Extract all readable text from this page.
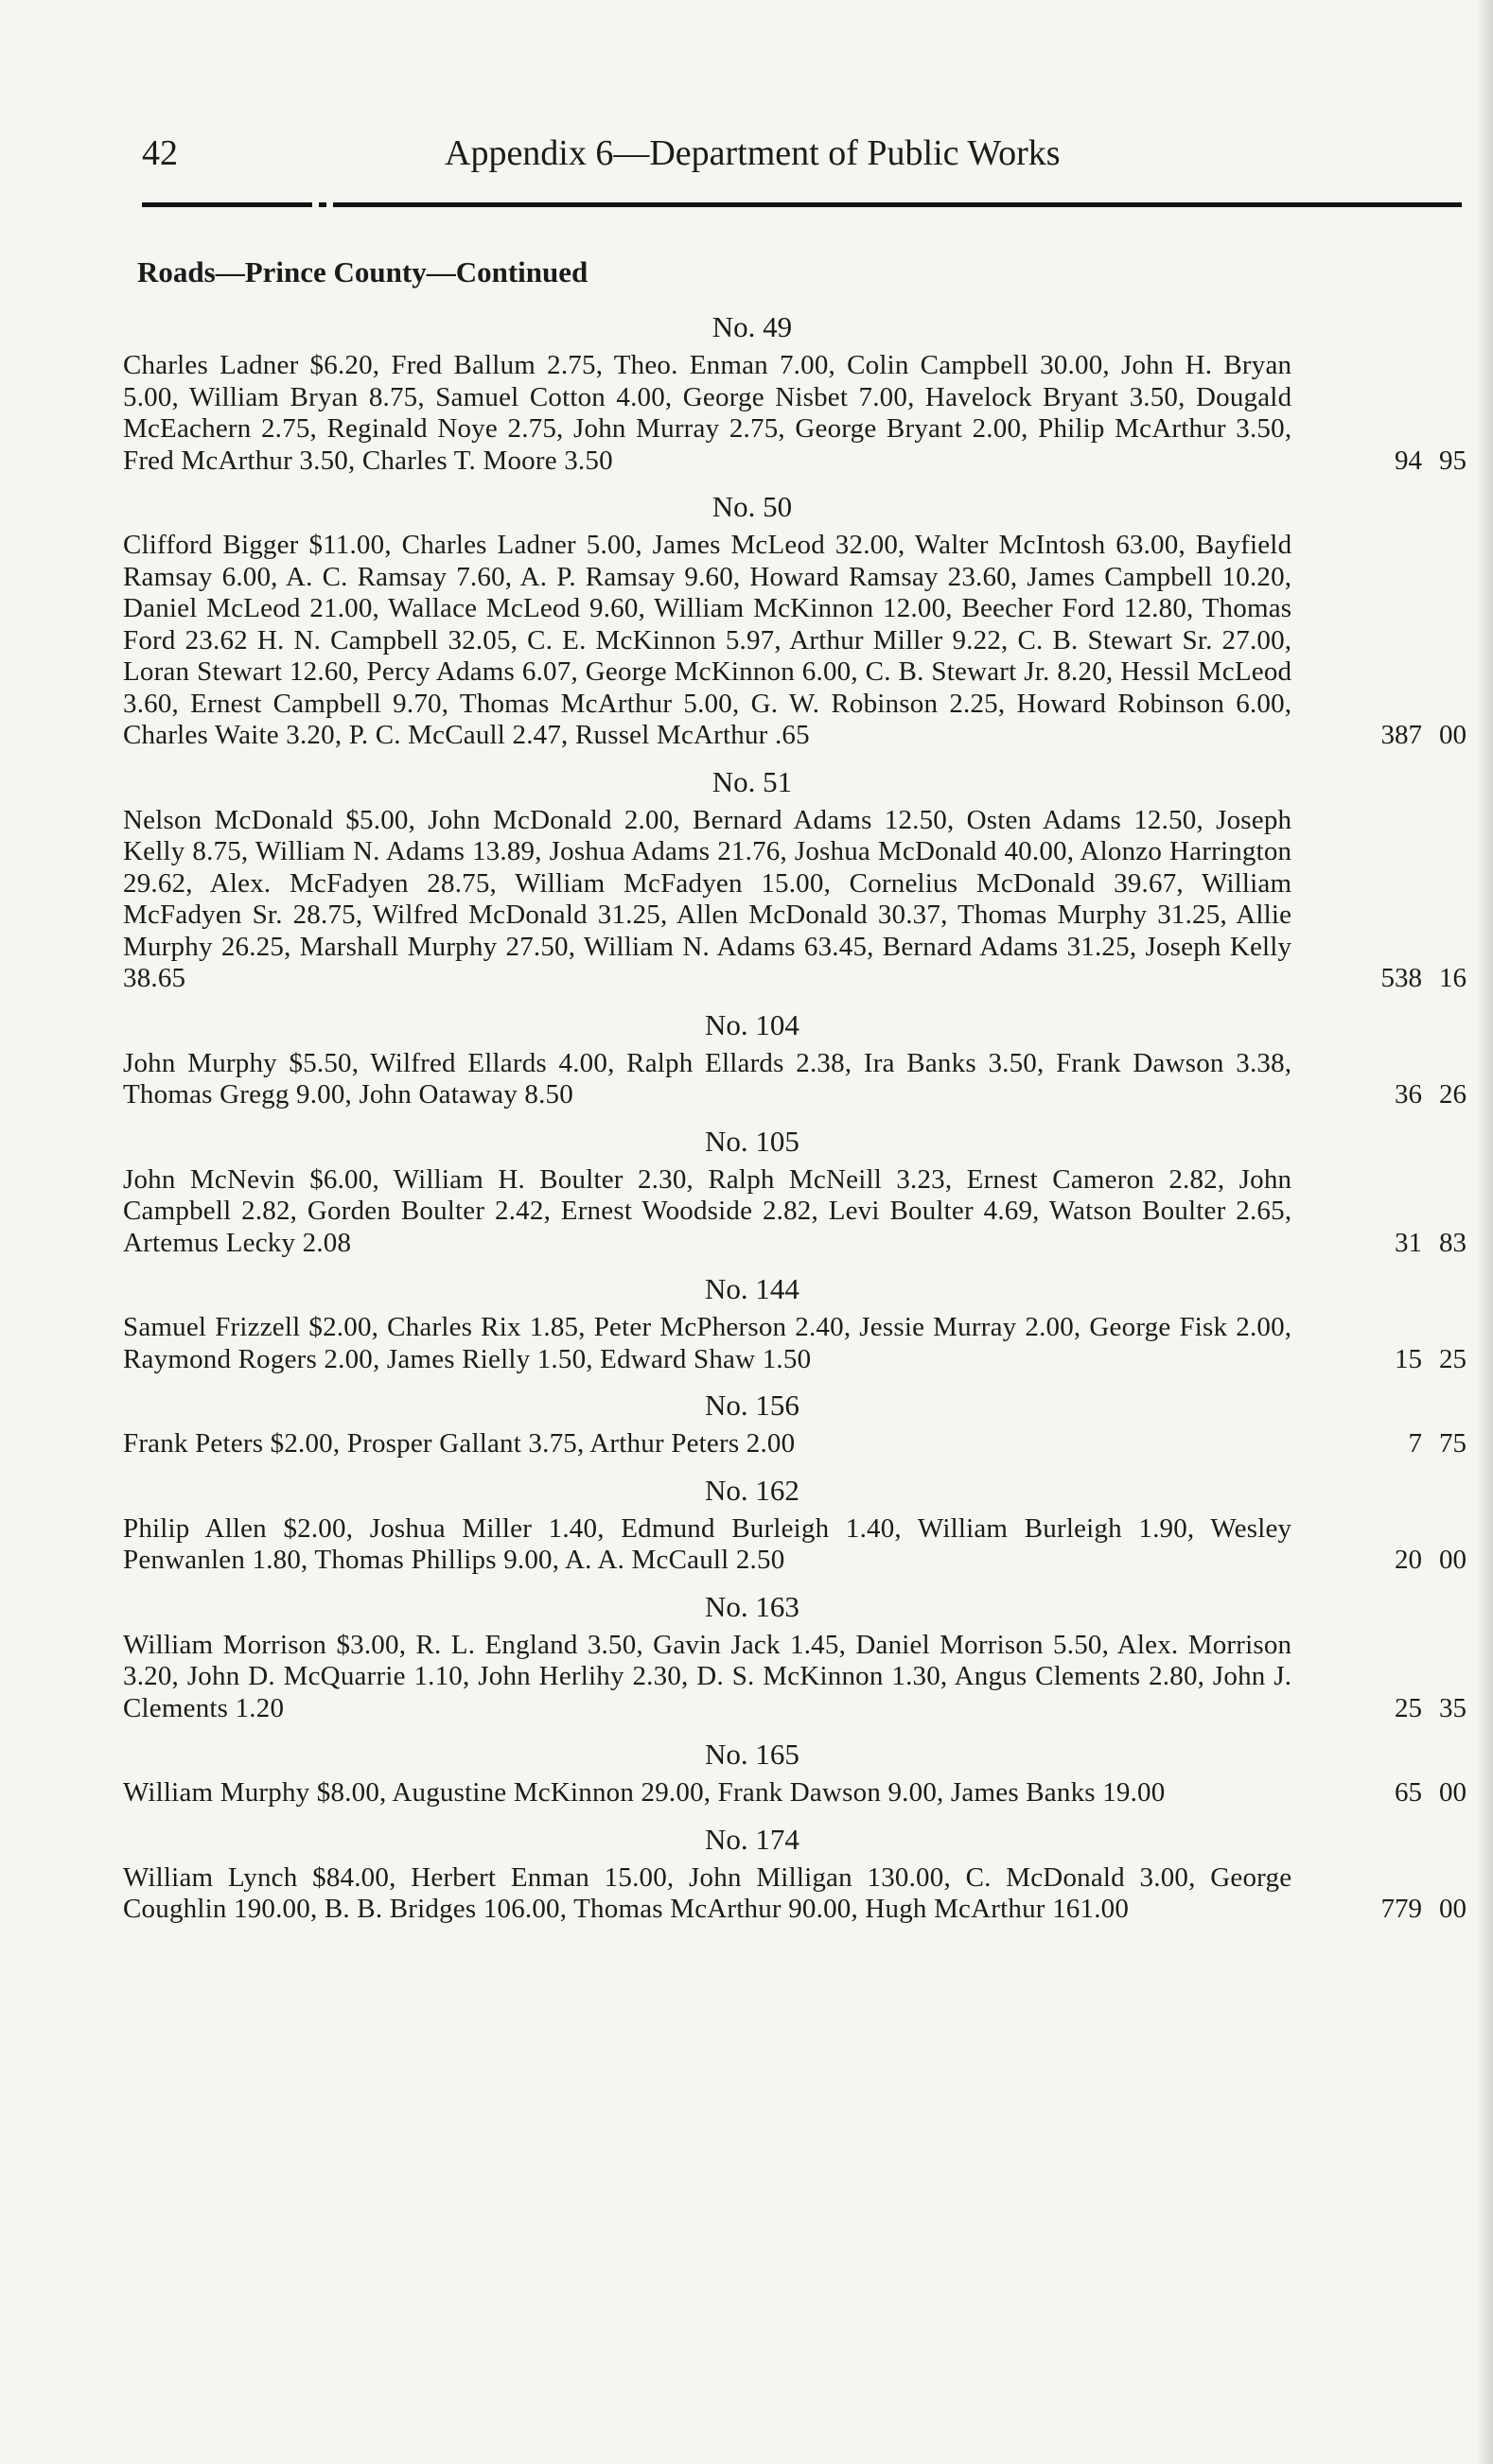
42	Appendix 6—Department of Public Works
Roads—Prince County—Continued
No. 49
Charles Ladner $6.20, Fred Ballum 2.75, Theo. Enman 7.00, Colin Campbell 30.00, John H. Bryan 5.00, William Bryan 8.75, Samuel Cotton 4.00, George Nisbet 7.00, Havelock Bryant 3.50, Dougald McEachern 2.75, Reginald Noye 2.75, John Murray 2.75, George Bryant 2.00, Philip McArthur 3.50, Fred McArthur 3.50, Charles T. Moore 3.50	94 95
No. 50
Clifford Bigger $11.00, Charles Ladner 5.00, James McLeod 32.00, Walter McIntosh 63.00, Bayfield Ramsay 6.00, A. C. Ramsay 7.60, A. P. Ramsay 9.60, Howard Ramsay 23.60, James Campbell 10.20, Daniel McLeod 21.00, Wallace McLeod 9.60, William McKinnon 12.00, Beecher Ford 12.80, Thomas Ford 23.62 H. N. Campbell 32.05, C. E. McKinnon 5.97, Arthur Miller 9.22, C. B. Stewart Sr. 27.00, Loran Stewart 12.60, Percy Adams 6.07, George McKinnon 6.00, C. B. Stewart Jr. 8.20, Hessil McLeod 3.60, Ernest Campbell 9.70, Thomas McArthur 5.00, G. W. Robinson 2.25, Howard Robinson 6.00, Charles Waite 3.20, P. C. McCaull 2.47, Russel McArthur .65	387 00
No. 51
Nelson McDonald $5.00, John McDonald 2.00, Bernard Adams 12.50, Osten Adams 12.50, Joseph Kelly 8.75, William N. Adams 13.89, Joshua Adams 21.76, Joshua McDonald 40.00, Alonzo Harrington 29.62, Alex. McFadyen 28.75, William McFadyen 15.00, Cornelius McDonald 39.67, William McFadyen Sr. 28.75, Wilfred McDonald 31.25, Allen McDonald 30.37, Thomas Murphy 31.25, Allie Murphy 26.25, Marshall Murphy 27.50, William N. Adams 63.45, Bernard Adams 31.25, Joseph Kelly 38.65	538 16
No. 104
John Murphy $5.50, Wilfred Ellards 4.00, Ralph Ellards 2.38, Ira Banks 3.50, Frank Dawson 3.38, Thomas Gregg 9.00, John Oataway 8.50	36 26
No. 105
John McNevin $6.00, William H. Boulter 2.30, Ralph McNeill 3.23, Ernest Cameron 2.82, John Campbell 2.82, Gorden Boulter 2.42, Ernest Woodside 2.82, Levi Boulter 4.69, Watson Boulter 2.65, Artemus Lecky 2.08	31 83
No. 144
Samuel Frizzell $2.00, Charles Rix 1.85, Peter McPherson 2.40, Jessie Murray 2.00, George Fisk 2.00, Raymond Rogers 2.00, James Rielly 1.50, Edward Shaw 1.50	15 25
No. 156
Frank Peters $2.00, Prosper Gallant 3.75, Arthur Peters 2.00	7 75
No. 162
Philip Allen $2.00, Joshua Miller 1.40, Edmund Burleigh 1.40, William Burleigh 1.90, Wesley Penwanlen 1.80, Thomas Phillips 9.00, A. A. McCaull 2.50	20 00
No. 163
William Morrison $3.00, R. L. England 3.50, Gavin Jack 1.45, Daniel Morrison 5.50, Alex. Morrison 3.20, John D. McQuarrie 1.10, John Herlihy 2.30, D. S. McKinnon 1.30, Angus Clements 2.80, John J. Clements 1.20	25 35
No. 165
William Murphy $8.00, Augustine McKinnon 29.00, Frank Dawson 9.00, James Banks 19.00	65 00
No. 174
William Lynch $84.00, Herbert Enman 15.00, John Milligan 130.00, C. McDonald 3.00, George Coughlin 190.00, B. B. Bridges 106.00, Thomas McArthur 90.00, Hugh McArthur 161.00	779 00
